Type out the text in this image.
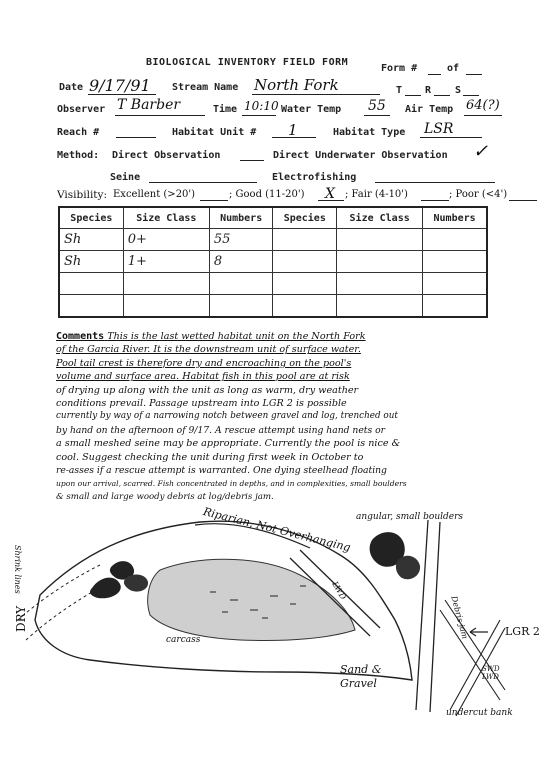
BIOLOGICAL INVENTORY FIELD FORM
Form #	of
Date 9/17/91 Stream Name North Fork	T R S
Observer T Barber	Time 10:10 Water Temp 55 Air Temp 64(?)
Reach #	Habitat Unit # 1	Habitat Type LSR
Method: Direct Observation	Direct Underwater Observation ✓
Seine	Electrofishing
Visibility: Excellent (>20')	; Good (11-20') X ; Fair (4-10')	; Poor (<4')
Species	Size Class	Numbers	Species	Size Class	Numbers
Sh	0+	55			
Sh	1+	8			

Comments This is the last wetted habitat unit on the North Fork
of the Garcia River. It is the downstream unit of surface water.
Pool tail crest is therefore dry and encroaching on the pool's
volume and surface area. Habitat fish in this pool are at risk
of drying up along with the unit as long as warm, dry weather
conditions prevail. Passage upstream into LGR 2 is possible
currently by way of a narrowing notch between gravel and log, trenched out
by hand on the afternoon of 9/17. A rescue attempt using hand nets or
a small meshed seine may be appropriate. Currently the pool is nice &
cool. Suggest checking the unit during first week in October to
re-asses if a rescue attempt is warranted. One dying steelhead floating
upon our arrival, scarred. Fish concentrated in depths, and in complexities, small boulders
& small and large woody debris at log/debris jam.
Riparian, Not Overhanging angular, small boulders
Shrink lines
DRY
carcass
LWD
Debris jam	LGR 2
SWD LWD
Sand & Gravel
undercut bank
